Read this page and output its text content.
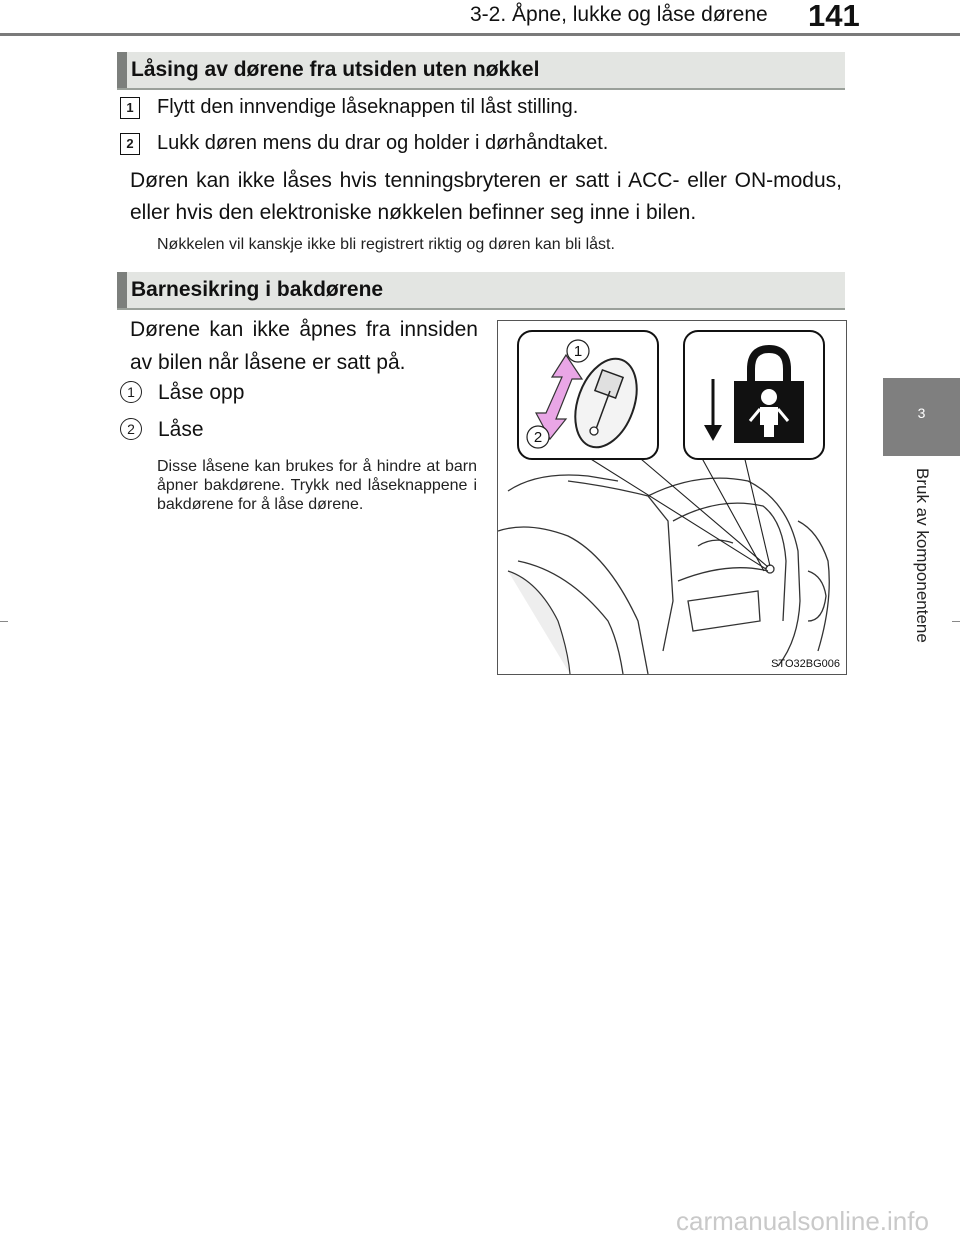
3-2. Åpne, lukke og låse dørene 141
3
Bruk av komponentene
Låsing av dørene fra utsiden uten nøkkel
1	Flytt den innvendige låseknappen til låst stilling.
2	Lukk døren mens du drar og holder i dørhåndtaket.
Døren kan ikke låses hvis tenningsbryteren er satt i ACC- eller ON-modus, eller hvis den elektroniske nøkkelen befinner seg inne i bilen.
Nøkkelen vil kanskje ikke bli registrert riktig og døren kan bli låst.
Barnesikring i bakdørene
Dørene kan ikke åpnes fra innsiden av bilen når låsene er satt på.
1	Låse opp
2	Låse
Disse låsene kan brukes for å hindre at barn åpner bakdørene. Trykk ned låseknappene i bakdørene for å låse dørene.
1
2
STO32BG006
carmanualsonline.info
